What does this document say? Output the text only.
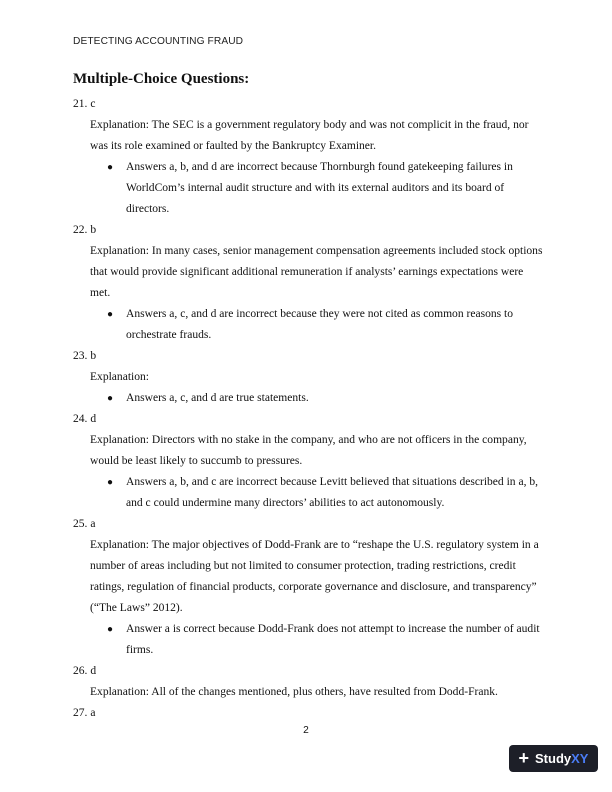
DETECTING ACCOUNTING FRAUD
Multiple-Choice Questions:
21. c
Explanation: The SEC is a government regulatory body and was not complicit in the fraud, nor was its role examined or faulted by the Bankruptcy Examiner.
● Answers a, b, and d are incorrect because Thornburgh found gatekeeping failures in WorldCom’s internal audit structure and with its external auditors and its board of directors.
22. b
Explanation: In many cases, senior management compensation agreements included stock options that would provide significant additional remuneration if analysts’ earnings expectations were met.
● Answers a, c, and d are incorrect because they were not cited as common reasons to orchestrate frauds.
23. b
Explanation:
● Answers a, c, and d are true statements.
24. d
Explanation: Directors with no stake in the company, and who are not officers in the company, would be least likely to succumb to pressures.
● Answers a, b, and c are incorrect because Levitt believed that situations described in a, b, and c could undermine many directors’ abilities to act autonomously.
25. a
Explanation: The major objectives of Dodd-Frank are to “reshape the U.S. regulatory system in a number of areas including but not limited to consumer protection, trading restrictions, credit ratings, regulation of financial products, corporate governance and disclosure, and transparency” (“The Laws” 2012).
● Answer a is correct because Dodd-Frank does not attempt to increase the number of audit firms.
26. d
Explanation: All of the changes mentioned, plus others, have resulted from Dodd-Frank.
27. a
2
+ StudyXY
